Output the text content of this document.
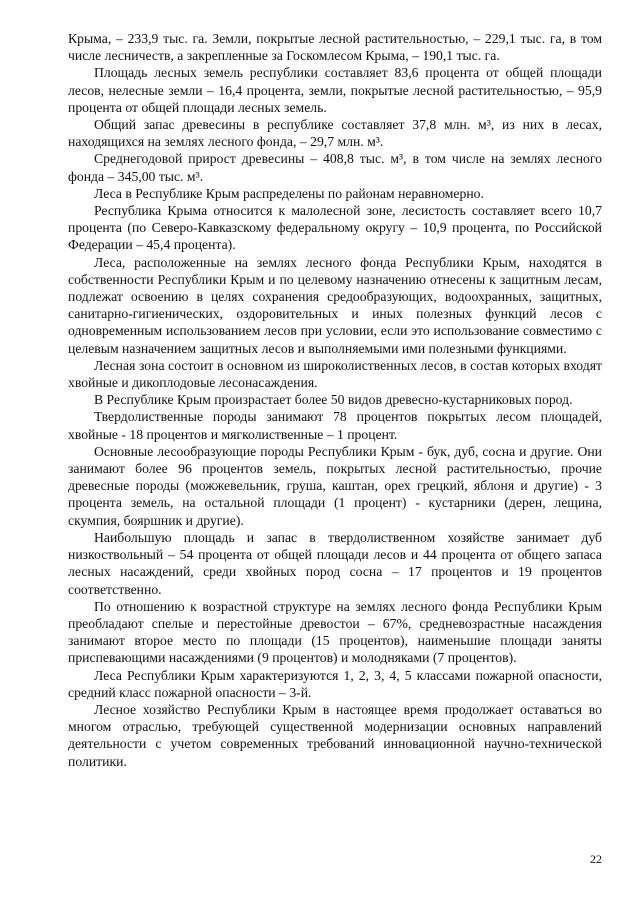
Крыма, – 233,9 тыс. га. Земли, покрытые лесной растительностью, – 229,1 тыс. га, в том числе лесничеств, а закрепленные за Госкомлесом Крыма, – 190,1 тыс. га.

Площадь лесных земель республики составляет 83,6 процента от общей площади лесов, нелесные земли – 16,4 процента, земли, покрытые лесной растительностью, – 95,9 процента от общей площади лесных земель.

Общий запас древесины в республике составляет 37,8 млн. м³, из них в лесах, находящихся на землях лесного фонда, – 29,7 млн. м³.

Среднегодовой прирост древесины – 408,8 тыс. м³, в том числе на землях лесного фонда – 345,00 тыс. м³.

Леса в Республике Крым распределены по районам неравномерно.

Республика Крыма относится к малолесной зоне, лесистость составляет всего 10,7 процента (по Северо-Кавказскому федеральному округу – 10,9 процента, по Российской Федерации – 45,4 процента).

Леса, расположенные на землях лесного фонда Республики Крым, находятся в собственности Республики Крым и по целевому назначению отнесены к защитным лесам, подлежат освоению в целях сохранения средообразующих, водоохранных, защитных, санитарно-гигиенических, оздоровительных и иных полезных функций лесов с одновременным использованием лесов при условии, если это использование совместимо с целевым назначением защитных лесов и выполняемыми ими полезными функциями.

Лесная зона состоит в основном из широколиственных лесов, в состав которых входят хвойные и дикоплодовые лесонасаждения.

В Республике Крым произрастает более 50 видов древесно-кустарниковых пород.

Твердолиственные породы занимают 78 процентов покрытых лесом площадей, хвойные - 18 процентов и мягколиственные – 1 процент.

Основные лесообразующие породы Республики Крым - бук, дуб, сосна и другие. Они занимают более 96 процентов земель, покрытых лесной растительностью, прочие древесные породы (можжевельник, груша, каштан, орех грецкий, яблоня и другие) - 3 процента земель, на остальной площади (1 процент) - кустарники (дерен, лещина, скумпия, бояршник и другие).

Наибольшую площадь и запас в твердолиственном хозяйстве занимает дуб низкоствольный – 54 процента от общей площади лесов и 44 процента от общего запаса лесных насаждений, среди хвойных пород сосна – 17 процентов и 19 процентов соответственно.

По отношению к возрастной структуре на землях лесного фонда Республики Крым преобладают спелые и перестойные древостои – 67%, средневозрастные насаждения занимают второе место по площади (15 процентов), наименьшие площади заняты приспевающими насаждениями (9 процентов) и молодняками (7 процентов).

Леса Республики Крым характеризуются 1, 2, 3, 4, 5 классами пожарной опасности, средний класс пожарной опасности – 3-й.

Лесное хозяйство Республики Крым в настоящее время продолжает оставаться во многом отраслью, требующей существенной модернизации основных направлений деятельности с учетом современных требований инновационной научно-технической политики.

22
